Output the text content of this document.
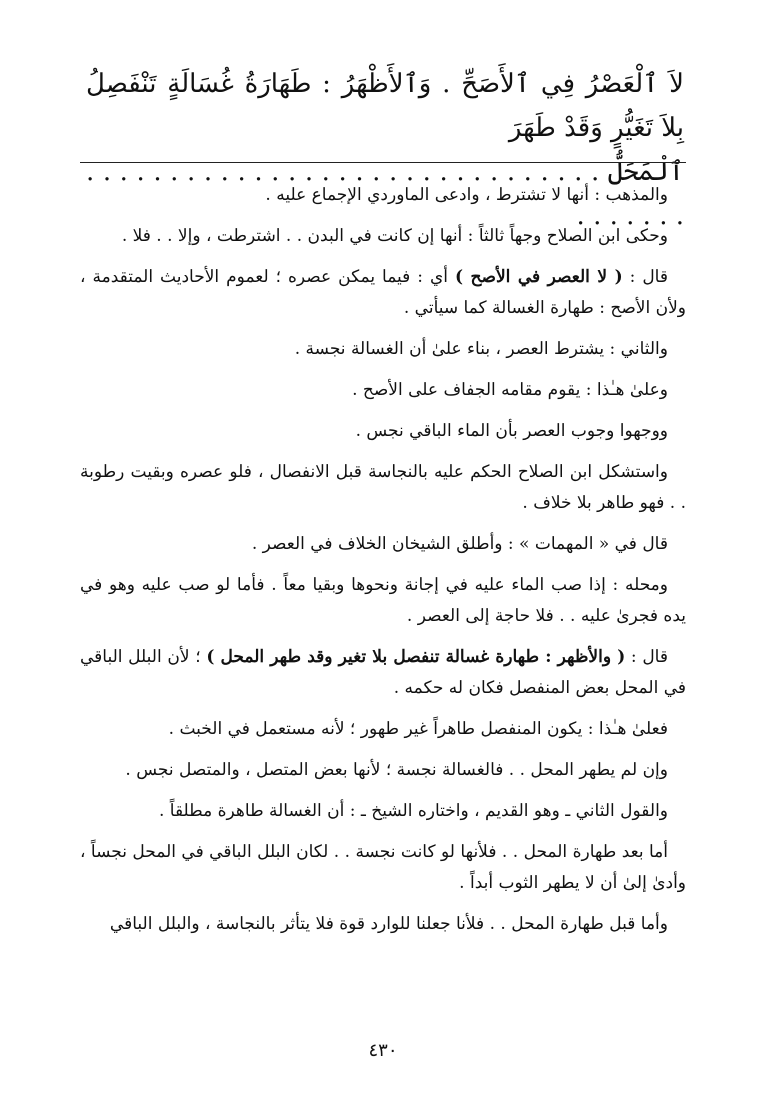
لاَ ٱلْعَصْرُ فِي ٱلأَصَحِّ . وَٱلأَظْهَرُ : طَهَارَةُ غُسَالَةٍ تَنْفَصِلُ بِلاَ تَغَيُّرٍ وَقَدْ طَهَرَ
ٱلْمَحَلُّ . . . . . . . . . . . . . . . . . . . . . . . . . . . . . . . . . . . . . .

والمذهب : أنها لا تشترط ، وادعى الماوردي الإجماع عليه .

وحكى ابن الصلاح وجهاً ثالثاً : أنها إن كانت في البدن . . اشترطت ، وإلا . . فلا .

قال : ( لا العصر في الأصح ) أي : فيما يمكن عصره ؛ لعموم الأحاديث المتقدمة ، ولأن الأصح : طهارة الغسالة كما سيأتي .

والثاني : يشترط العصر ، بناء علىٰ أن الغسالة نجسة .

وعلىٰ هـٰذا : يقوم مقامه الجفاف على الأصح .

ووجهوا وجوب العصر بأن الماء الباقي نجس .

واستشكل ابن الصلاح الحكم عليه بالنجاسة قبل الانفصال ، فلو عصره وبقيت رطوبة . . فهو طاهر بلا خلاف .

قال في « المهمات » : وأطلق الشيخان الخلاف في العصر .

ومحله : إذا صب الماء عليه في إجانة ونحوها وبقيا معاً . فأما لو صب عليه وهو في يده فجرىٰ عليه . . فلا حاجة إلى العصر .

قال : ( والأظهر : طهارة غسالة تنفصل بلا تغير وقد طهر المحل ) ؛ لأن البلل الباقي في المحل بعض المنفصل فكان له حكمه .

فعلىٰ هـٰذا : يكون المنفصل طاهراً غير طهور ؛ لأنه مستعمل في الخبث .

وإن لم يطهر المحل . . فالغسالة نجسة ؛ لأنها بعض المتصل ، والمتصل نجس .

والقول الثاني ـ وهو القديم ، واختاره الشيخ ـ : أن الغسالة طاهرة مطلقاً .

أما بعد طهارة المحل . . فلأنها لو كانت نجسة . . لكان البلل الباقي في المحل نجساً ، وأدىٰ إلىٰ أن لا يطهر الثوب أبداً .

وأما قبل طهارة المحل . . فلأنا جعلنا للوارد قوة فلا يتأثر بالنجاسة ، والبلل الباقي

٤٣٠
